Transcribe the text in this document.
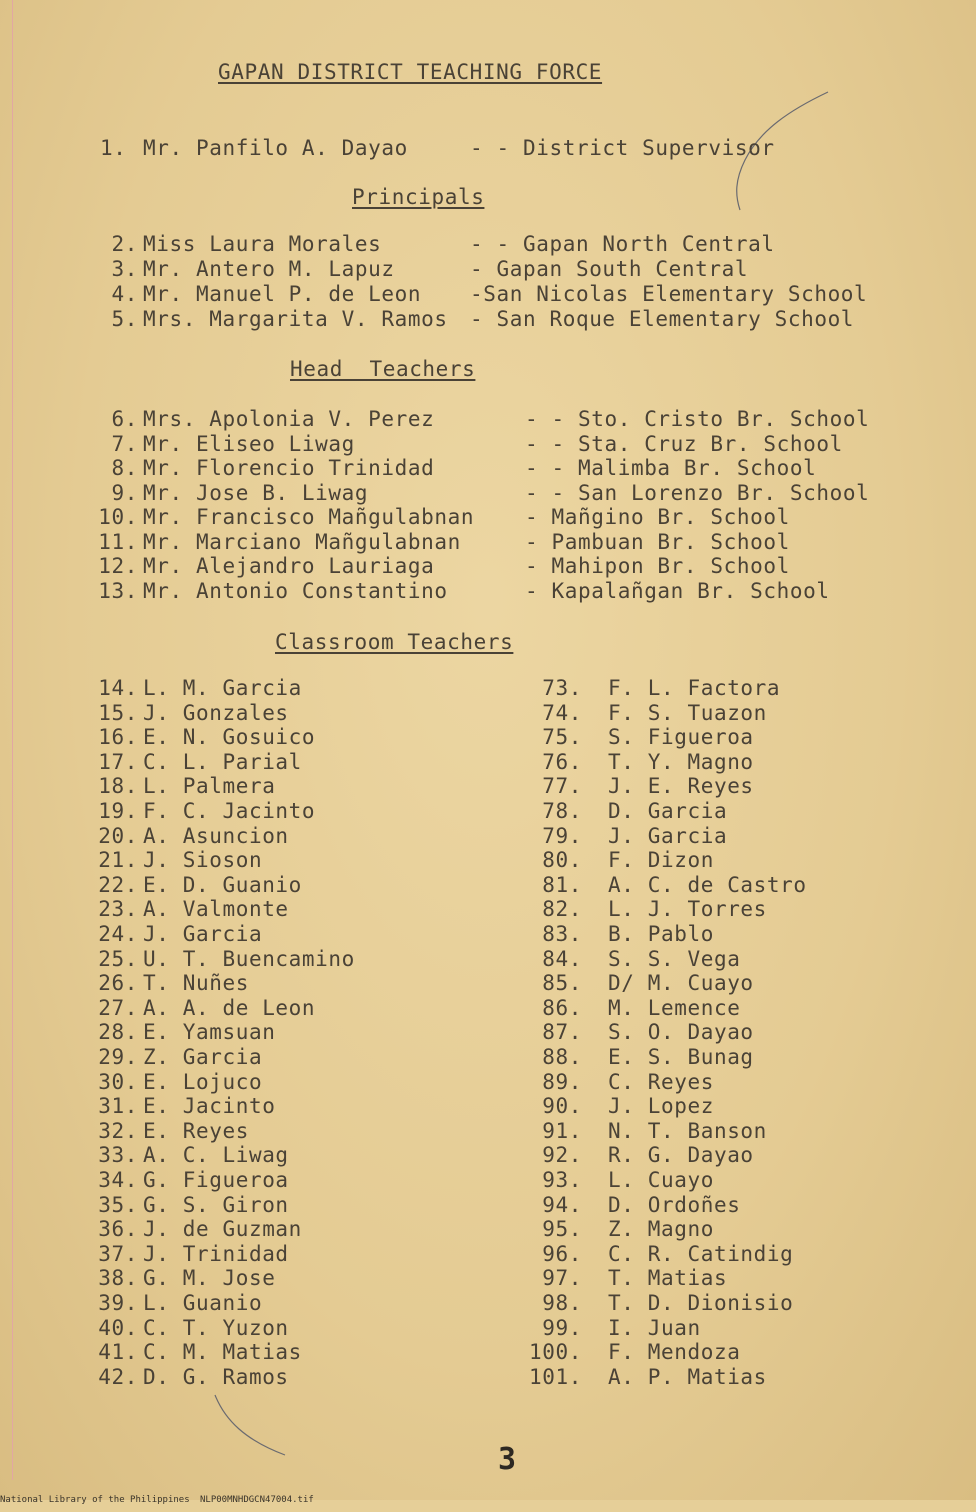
GAPAN DISTRICT TEACHING FORCE
1. Mr. Panfilo A. Dayao	- - District Supervisor
Principals
2. Miss Laura Morales	- - Gapan North Central
3. Mr. Antero M. Lapuz	- Gapan South Central
4. Mr. Manuel P. de Leon -San Nicolas Elementary School
5. Mrs. Margarita V. Ramos - San Roque Elementary School
Head  Teachers
6. Mrs. Apolonia V. Perez	- - Sto. Cristo Br. School
7. Mr. Eliseo Liwag	- - Sta. Cruz Br. School
8. Mr. Florencio Trinidad	- - Malimba Br. School
9. Mr. Jose B. Liwag	- - San Lorenzo Br. School
10. Mr. Francisco Mañgulabnan - Mañgino Br. School
11. Mr. Marciano Mañgulabnan	- Pambuan Br. School
12. Mr. Alejandro Lauriaga	- Mahipon Br. School
13. Mr. Antonio Constantino	- Kapalañgan Br. School
Classroom Teachers
14. L. M. Garcia
15. J. Gonzales
16. E. N. Gosuico
17. C. L. Parial
18. L. Palmera
19. F. C. Jacinto
20. A. Asuncion
21. J. Sioson
22. E. D. Guanio
23. A. Valmonte
24. J. Garcia
25. U. T. Buencamino
26. T. Nuñes
27. A. A. de Leon
28. E. Yamsuan
29. Z. Garcia
30. E. Lojuco
31. E. Jacinto
32. E. Reyes
33. A. C. Liwag
34. G. Figueroa
35. G. S. Giron
36. J. de Guzman
37. J. Trinidad
38. G. M. Jose
39. L. Guanio
40. C. T. Yuzon
41. C. M. Matias
42. D. G. Ramos
73. F. L. Factora
74. F. S. Tuazon
75. S. Figueroa
76. T. Y. Magno
77. J. E. Reyes
78. D. Garcia
79. J. Garcia
80. F. Dizon
81. A. C. de Castro
82. L. J. Torres
83. B. Pablo
84. S. S. Vega
85. D/ M. Cuayo
86. M. Lemence
87. S. O. Dayao
88. E. S. Bunag
89. C. Reyes
90. J. Lopez
91. N. T. Banson
92. R. G. Dayao
93. L. Cuayo
94. D. Ordoñes
95. Z. Magno
96. C. R. Catindig
97. T. Matias
98. T. D. Dionisio
99. I. Juan
100. F. Mendoza
101. A. P. Matias
3
National Library of the Philippines NLP00MNHDGCN47004.tif
